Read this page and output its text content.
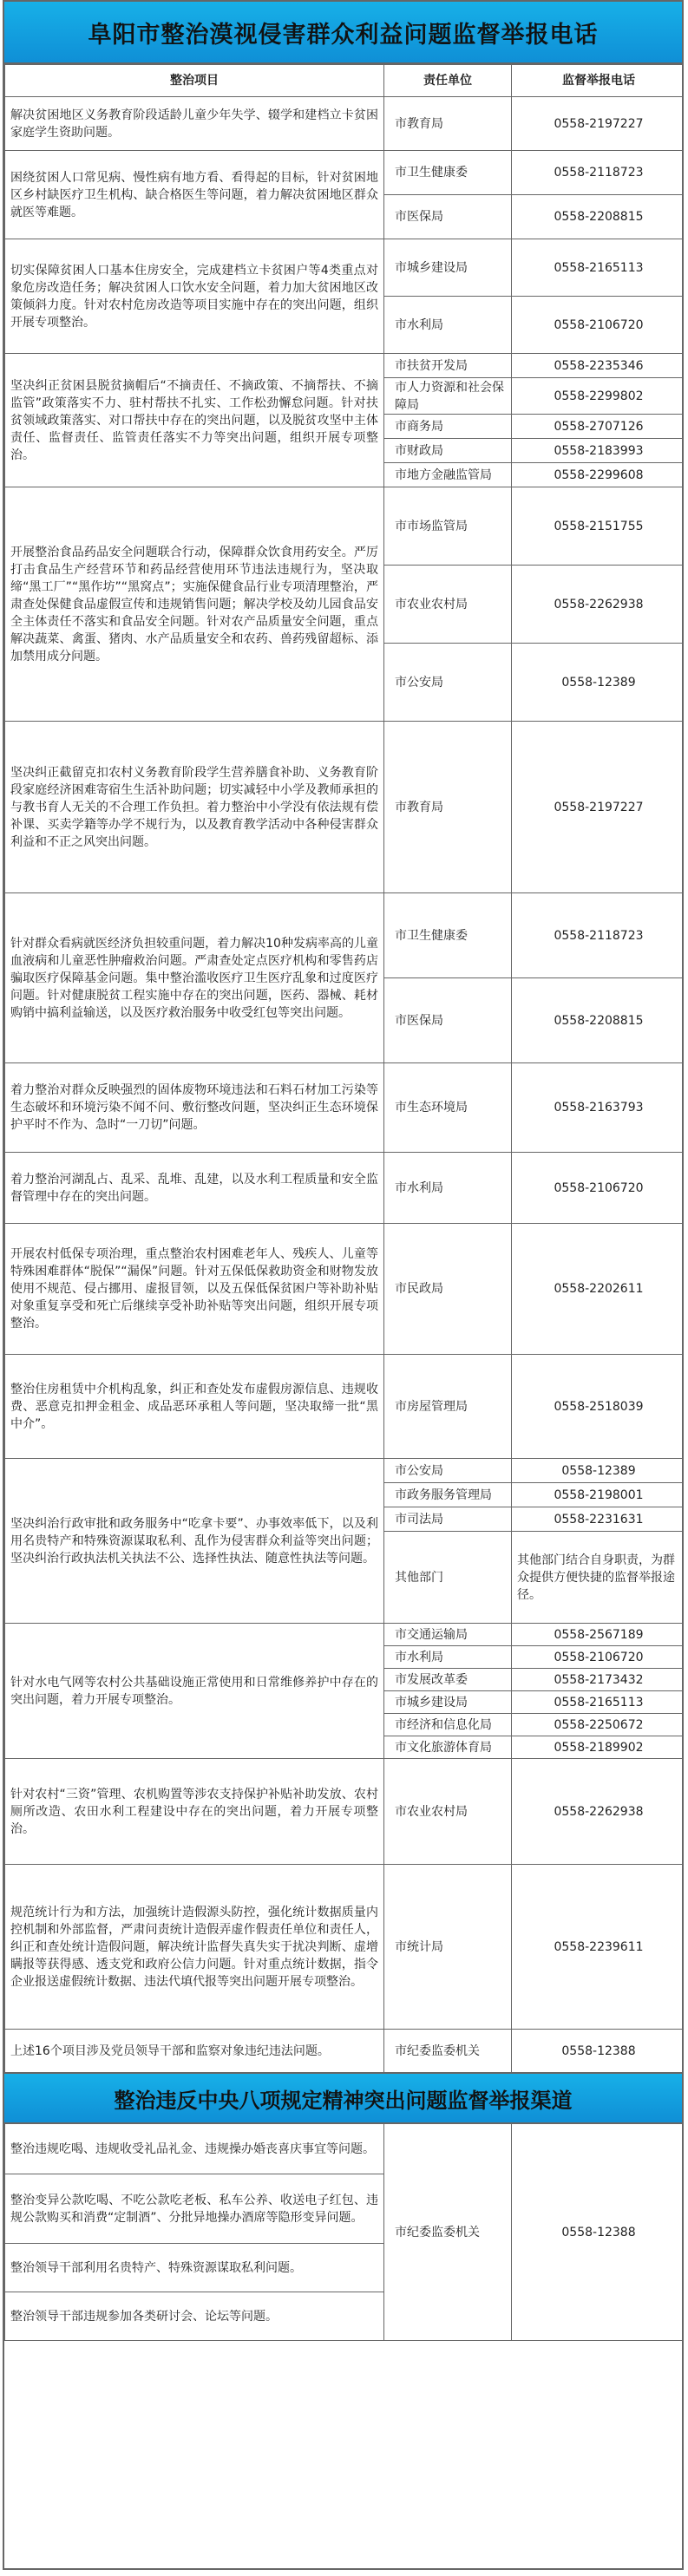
阜阳市整治漠视侵害群众利益问题监督举报电话
整治项目	责任单位	监督举报电话
解决贫困地区义务教育阶段适龄儿童少年失学、辍学和建档立卡贫困家庭学生资助问题。	市教育局	0558-2197227
困绕贫困人口常见病、慢性病有地方看、看得起的目标，针对贫困地区乡村缺医疗卫生机构、缺合格医生等问题，着力解决贫困地区群众就医等难题。	市卫生健康委	0558-2118723
	市医保局	0558-2208815
切实保障贫困人口基本住房安全，完成建档立卡贫困户等4类重点对象危房改造任务；解决贫困人口饮水安全问题，着力加大贫困地区改策倾斜力度。针对农村危房改造等项目实施中存在的突出问题，组织开展专项整治。	市城乡建设局	0558-2165113
	市水利局	0558-2106720
坚决纠正贫困县脱贫摘帽后“不摘责任、不摘政策、不摘帮扶、不摘监管”政策落实不力、驻村帮扶不扎实、工作松劲懈怠问题。针对扶贫领域政策落实、对口帮扶中存在的突出问题，以及脱贫攻坚中主体责任、监督责任、监管责任落实不力等突出问题，组织开展专项整治。	市扶贫开发局	0558-2235346
	市人力资源和社会保障局	0558-2299802
	市商务局	0558-2707126
	市财政局	0558-2183993
	市地方金融监管局	0558-2299608
开展整治食品药品安全问题联合行动，保障群众饮食用药安全。严厉打击食品生产经营环节和药品经营使用环节违法违规行为，坚决取缔“黑工厂”“黑作坊”“黑窝点”；实施保健食品行业专项清理整治，严肃查处保健食品虚假宣传和违规销售问题；解决学校及幼儿园食品安全主体责任不落实和食品安全问题。针对农产品质量安全问题，重点解决蔬菜、禽蛋、猪肉、水产品质量安全和农药、兽药残留超标、添加禁用成分问题。	市市场监管局	0558-2151755
	市农业农村局	0558-2262938
	市公安局	0558-12389
坚决纠正截留克扣农村义务教育阶段学生营养膳食补助、义务教育阶段家庭经济困难寄宿生生活补助问题；切实减轻中小学及教师承担的与教书育人无关的不合理工作负担。着力整治中小学没有依法规有偿补课、买卖学籍等办学不规行为，以及教育教学活动中各种侵害群众利益和不正之风突出问题。	市教育局	0558-2197227
针对群众看病就医经济负担较重问题，着力解决10种发病率高的儿童血液病和儿童恶性肿瘤救治问题。严肃查处定点医疗机构和零售药店骗取医疗保障基金问题。集中整治滥收医疗卫生医疗乱象和过度医疗问题。针对健康脱贫工程实施中存在的突出问题，医药、器械、耗材购销中搞利益输送，以及医疗救治服务中收受红包等突出问题。	市卫生健康委	0558-2118723
	市医保局	0558-2208815
着力整治对群众反映强烈的固体废物环境违法和石料石材加工污染等生态破坏和环境污染不闻不问、敷衍整改问题，坚决纠正生态环境保护平时不作为、急时“一刀切”问题。	市生态环境局	0558-2163793
着力整治河湖乱占、乱采、乱堆、乱建，以及水利工程质量和安全监督管理中存在的突出问题。	市水利局	0558-2106720
开展农村低保专项治理，重点整治农村困难老年人、残疾人、儿童等特殊困难群体“脱保”“漏保”问题。针对五保低保救助资金和财物发放使用不规范、侵占挪用、虚报冒领，以及五保低保贫困户等补助补贴对象重复享受和死亡后继续享受补助补贴等突出问题，组织开展专项整治。	市民政局	0558-2202611
整治住房租赁中介机构乱象，纠正和查处发布虚假房源信息、违规收费、恶意克扣押金租金、成品恶环承租人等问题，坚决取缔一批“黑中介”。	市房屋管理局	0558-2518039
坚决纠治行政审批和政务服务中“吃拿卡要”、办事效率低下，以及利用名贵特产和特殊资源谋取私利、乱作为侵害群众利益等突出问题；坚决纠治行政执法机关执法不公、选择性执法、随意性执法等问题。	市公安局	0558-12389
	市政务服务管理局	0558-2198001
	市司法局	0558-2231631
	其他部门	其他部门结合自身职责，为群众提供方便快捷的监督举报途径。
针对水电气网等农村公共基础设施正常使用和日常维修养护中存在的突出问题，着力开展专项整治。	市交通运输局	0558-2567189
	市水利局	0558-2106720
	市发展改革委	0558-2173432
	市城乡建设局	0558-2165113
	市经济和信息化局	0558-2250672
	市文化旅游体育局	0558-2189902
针对农村“三资”管理、农机购置等涉农支持保护补贴补助发放、农村厕所改造、农田水利工程建设中存在的突出问题，着力开展专项整治。	市农业农村局	0558-2262938
规范统计行为和方法，加强统计造假源头防控，强化统计数据质量内控机制和外部监督，严肃问责统计造假弄虚作假责任单位和责任人，纠正和查处统计造假问题，解决统计监督失真失实于扰决判断、虚增瞒报等获得感、透支党和政府公信力问题。针对重点统计数据，指令企业报送虚假统计数据、违法代填代报等突出问题开展专项整治。	市统计局	0558-2239611
上述16个项目涉及党员领导干部和监察对象违纪违法问题。	市纪委监委机关	0558-12388
整治违反中央八项规定精神突出问题监督举报渠道
整治违规吃喝、违规收受礼品礼金、违规操办婚丧喜庆事宜等问题。	市纪委监委机关	0558-12388
整治变异公款吃喝、不吃公款吃老板、私车公养、收送电子红包、违规公款购买和消费“定制酒”、分批异地操办酒席等隐形变异问题。
整治领导干部利用名贵特产、特殊资源谋取私利问题。
整治领导干部违规参加各类研讨会、论坛等问题。
